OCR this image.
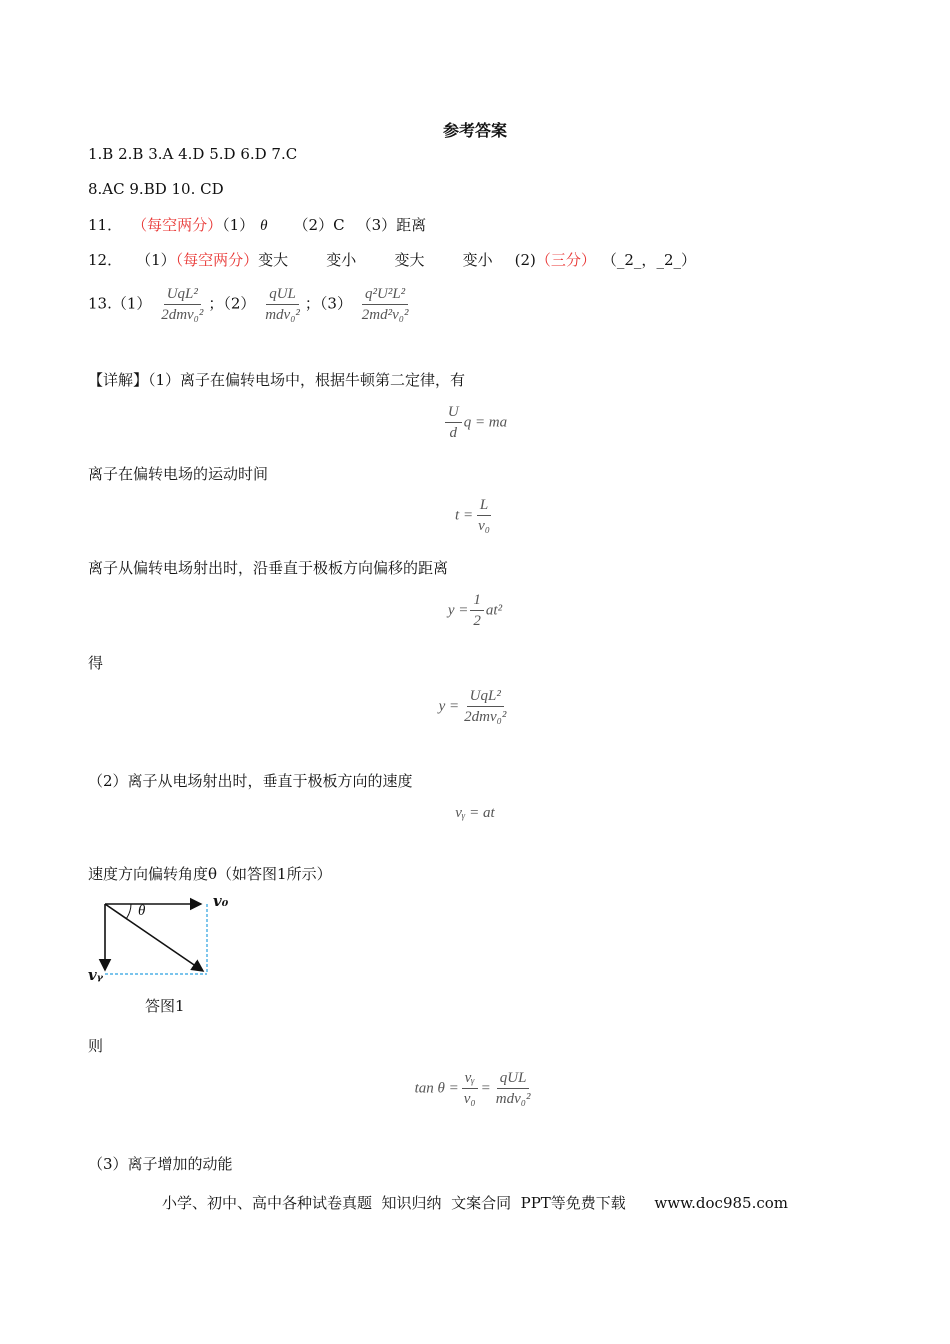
参考答案
1.B 2.B 3.A 4.D 5.D 6.D 7.C
8.AC 9.BD 10. CD
11． （每空两分）（1） θ （2）C （3）距离
12． （1）（每空两分）变大        变小        变大        变小 (2)（三分） （_2_，_2_）
$13.(1) \frac{\text{UqL²}}{\text{2dmv₀²}}$ ；$(2) \frac{\text{qUL}}{\text{mdv₀²}}$ ；$(3) \frac{\text{q²U²L²}}{\text{2md²v₀²}}$
【详解】（1）离子在偏转电场中，根据牛顿第二定律，有
$\frac{U}{d}$ q = ma
离子在偏转电场的运动时间
$t = \frac{L}{\text{v₀}}$
离子从偏转电场射出时，沿垂直于极板方向偏移的距离
$y = \frac{1}{2} at^2$
得
$y = \frac{\text{UqL²}}{\text{2dmv₀²}}$
（2）离子从电场射出时，垂直于极板方向的速度
vᵧ = at
速度方向偏转角度θ（如答图1所示）
θ
v₀
vᵧ
答图1
则
$\tan \theta = \frac{\text{vᵧ}}{\text{v₀}} = \frac{\text{qUL}}{\text{mdv₀²}}$
（3）离子增加的动能
小学、初中、高中各种试卷真题  知识归纳  文案合同  PPT等免费下载      www.doc985.com
